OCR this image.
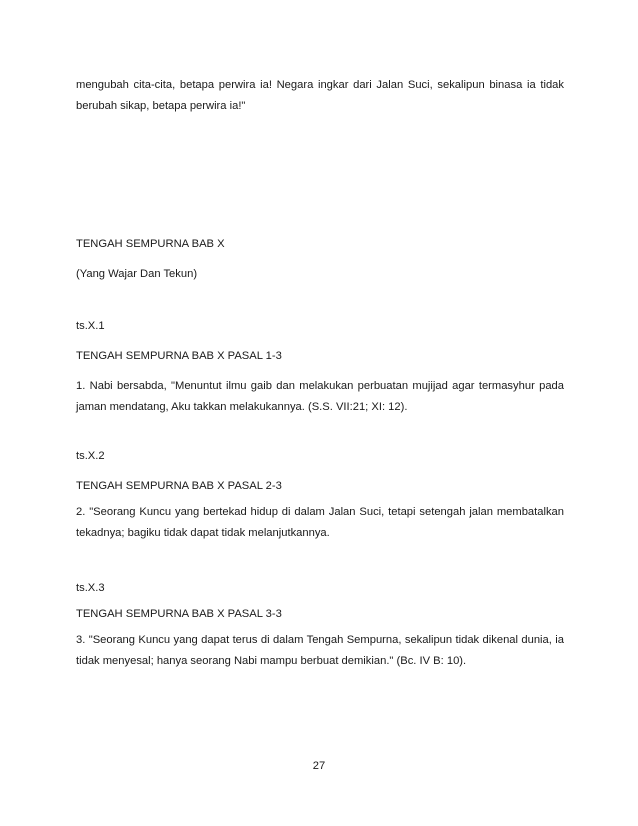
mengubah cita-cita, betapa perwira ia! Negara ingkar dari Jalan Suci, sekalipun binasa ia tidak berubah sikap, betapa perwira ia!"

TENGAH SEMPURNA BAB X

(Yang Wajar Dan Tekun)

ts.X.1

TENGAH SEMPURNA BAB X PASAL 1-3

1. Nabi bersabda, "Menuntut ilmu gaib dan melakukan perbuatan mujijad agar termasyhur pada jaman mendatang, Aku takkan melakukannya. (S.S. VII:21; XI: 12).

ts.X.2

TENGAH SEMPURNA BAB X PASAL 2-3

2. "Seorang Kuncu yang bertekad hidup di dalam Jalan Suci, tetapi setengah jalan membatalkan tekadnya; bagiku tidak dapat tidak melanjutkannya.

ts.X.3

TENGAH SEMPURNA BAB X PASAL 3-3

3. "Seorang Kuncu yang dapat terus di dalam Tengah Sempurna, sekalipun tidak dikenal dunia, ia tidak menyesal; hanya seorang Nabi mampu berbuat demikian." (Bc. IV B: 10).

27
